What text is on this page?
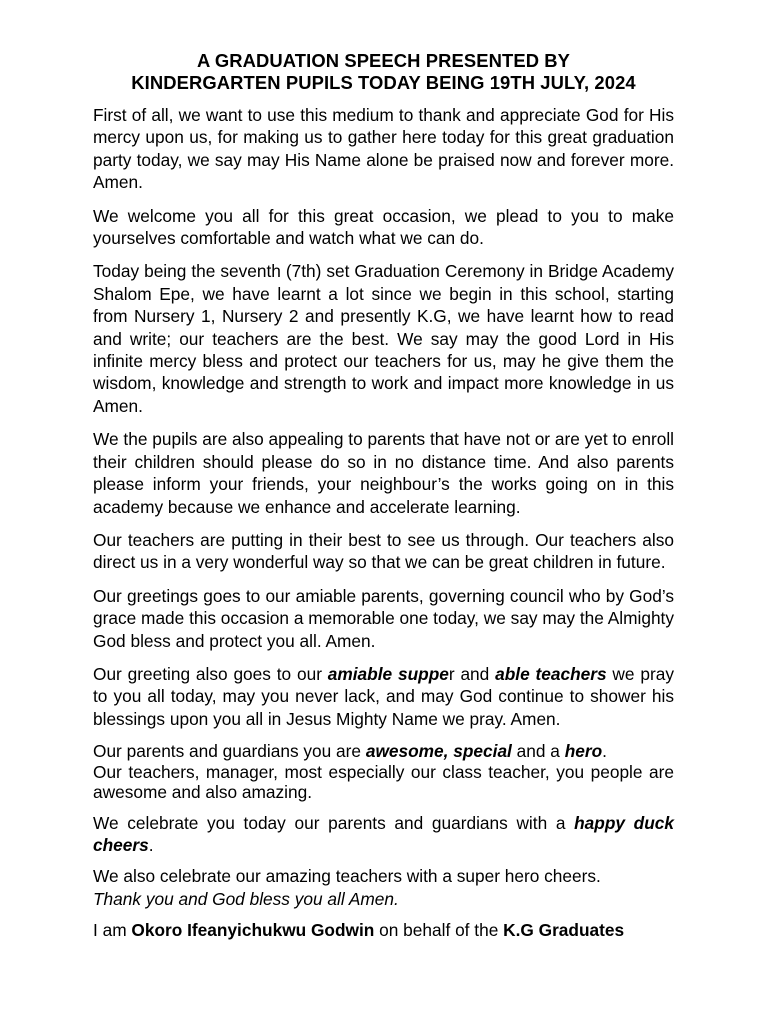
A GRADUATION SPEECH PRESENTED BY
KINDERGARTEN PUPILS TODAY BEING 19TH JULY, 2024

First of all, we want to use this medium to thank and appreciate God for His mercy upon us, for making us to gather here today for this great graduation party today, we say may His Name alone be praised now and forever more. Amen.

We welcome you all for this great occasion, we plead to you to make yourselves comfortable and watch what we can do.

Today being the seventh (7th) set Graduation Ceremony in Bridge Academy Shalom Epe, we have learnt a lot since we begin in this school, starting from Nursery 1, Nursery 2 and presently K.G, we have learnt how to read and write; our teachers are the best. We say may the good Lord in His infinite mercy bless and protect our teachers for us, may he give them the wisdom, knowledge and strength to work and impact more knowledge in us Amen.

We the pupils are also appealing to parents that have not or are yet to enroll their children should please do so in no distance time. And also parents please inform your friends, your neighbour’s the works going on in this academy because we enhance and accelerate learning.

Our teachers are putting in their best to see us through. Our teachers also direct us in a very wonderful way so that we can be great children in future.

Our greetings goes to our amiable parents, governing council who by God’s grace made this occasion a memorable one today, we say may the Almighty God bless and protect you all. Amen.

Our greeting also goes to our amiable supper and able teachers we pray to you all today, may you never lack, and may God continue to shower his blessings upon you all in Jesus Mighty Name we pray. Amen.

Our parents and guardians you are awesome, special and a hero.
Our teachers, manager, most especially our class teacher, you people are awesome and also amazing.

We celebrate you today our parents and guardians with a happy duck cheers.

We also celebrate our amazing teachers with a super hero cheers.
Thank you and God bless you all Amen.

I am Okoro Ifeanyichukwu Godwin on behalf of the K.G Graduates
